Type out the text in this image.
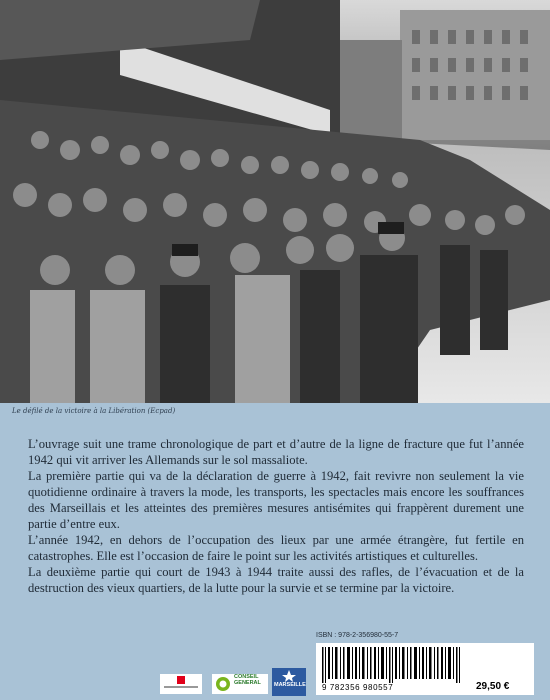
Le défilé de la victoire à la Libération (Ecpad)

L’ouvrage suit une trame chronologique de part et d’autre de la ligne de fracture que fut l’année 1942 qui vit arriver les Allemands sur le sol massaliote.

La première partie qui va de la déclaration de guerre à 1942, fait revivre non seulement la vie quotidienne ordinaire à travers la mode, les transports, les spectacles mais encore les souffrances des Marseillais et les atteintes des premières mesures antisémites qui frappèrent durement une partie d’entre eux.

L’année 1942, en dehors de l’occupation des lieux par une armée étrangère, fut fertile en catastrophes. Elle est l’occasion de faire le point sur les activités artistiques et culturelles.

La deuxième partie qui court de 1943 à 1944 traite aussi des rafles, de l’évacuation et de la destruction des vieux quartiers, de la lutte pour la survie et se termine par la victoire.

CONSEIL GENERAL	MARSEILLE
ISBN : 978-2-356980-55-7
9 782356 980557	29,50 €
